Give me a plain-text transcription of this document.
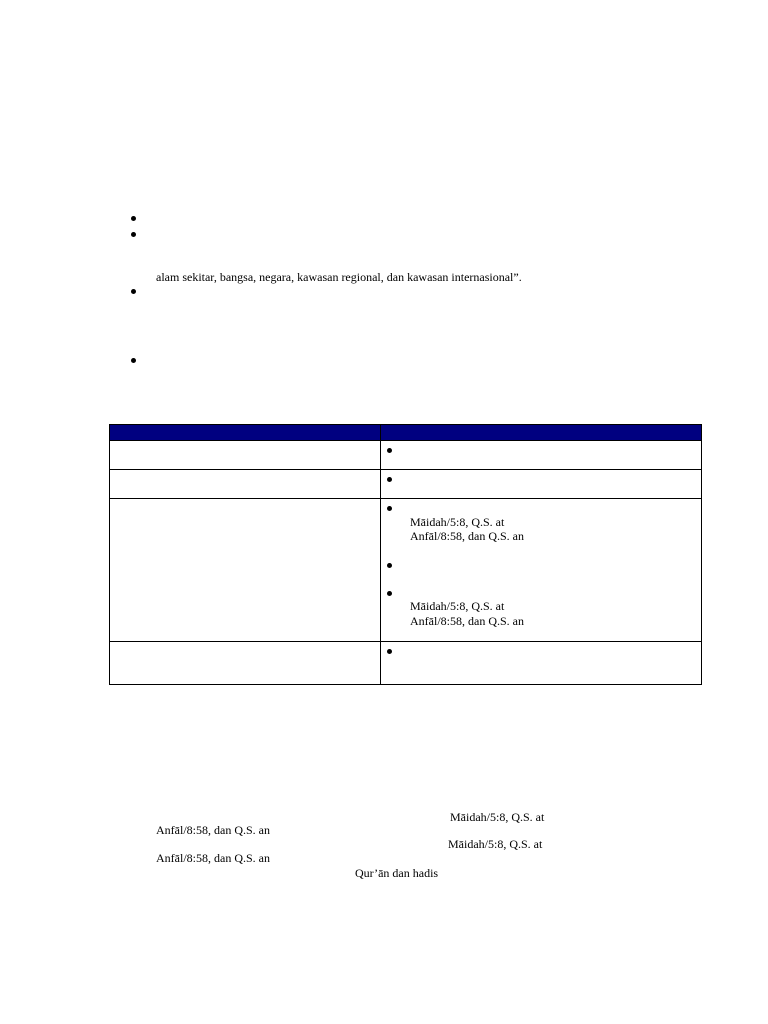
alam sekitar, bangsa, negara, kawasan regional, dan kawasan internasional”.
Māidah/5:8, Q.S. at
Anfāl/8:58, dan Q.S. an
Māidah/5:8, Q.S. at
Anfāl/8:58, dan Q.S. an
Māidah/5:8, Q.S. at
Anfāl/8:58, dan Q.S. an
Māidah/5:8, Q.S. at
Anfāl/8:58, dan Q.S. an
Qur’ān dan hadis
